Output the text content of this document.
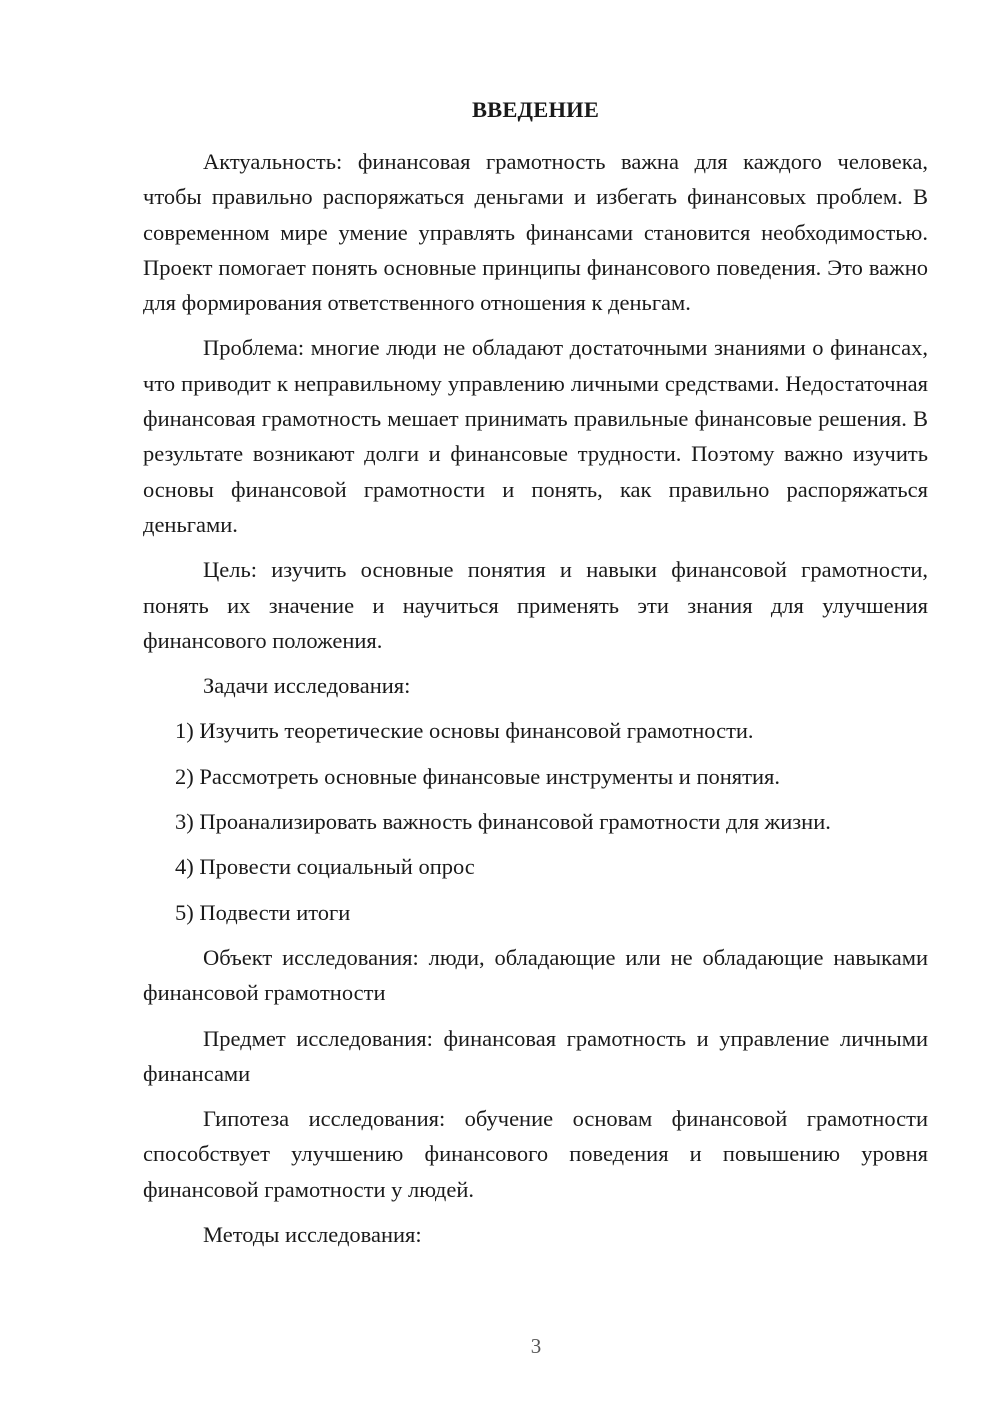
ВВЕДЕНИЕ

Актуальность: финансовая грамотность важна для каждого человека, чтобы правильно распоряжаться деньгами и избегать финансовых проблем. В современном мире умение управлять финансами становится необходимостью. Проект помогает понять основные принципы финансового поведения. Это важно для формирования ответственного отношения к деньгам.

Проблема: многие люди не обладают достаточными знаниями о финансах, что приводит к неправильному управлению личными средствами. Недостаточная финансовая грамотность мешает принимать правильные финансовые решения. В результате возникают долги и финансовые трудности. Поэтому важно изучить основы финансовой грамотности и понять, как правильно распоряжаться деньгами.

Цель: изучить основные понятия и навыки финансовой грамотности, понять их значение и научиться применять эти знания для улучшения финансового положения.

Задачи исследования:

1) Изучить теоретические основы финансовой грамотности.

2) Рассмотреть основные финансовые инструменты и понятия.

3) Проанализировать важность финансовой грамотности для жизни.

4) Провести социальный опрос

5) Подвести итоги

Объект исследования: люди, обладающие или не обладающие навыками финансовой грамотности

Предмет исследования: финансовая грамотность и управление личными финансами

Гипотеза исследования: обучение основам финансовой грамотности способствует улучшению финансового поведения и повышению уровня финансовой грамотности у людей.

Методы исследования:

3
